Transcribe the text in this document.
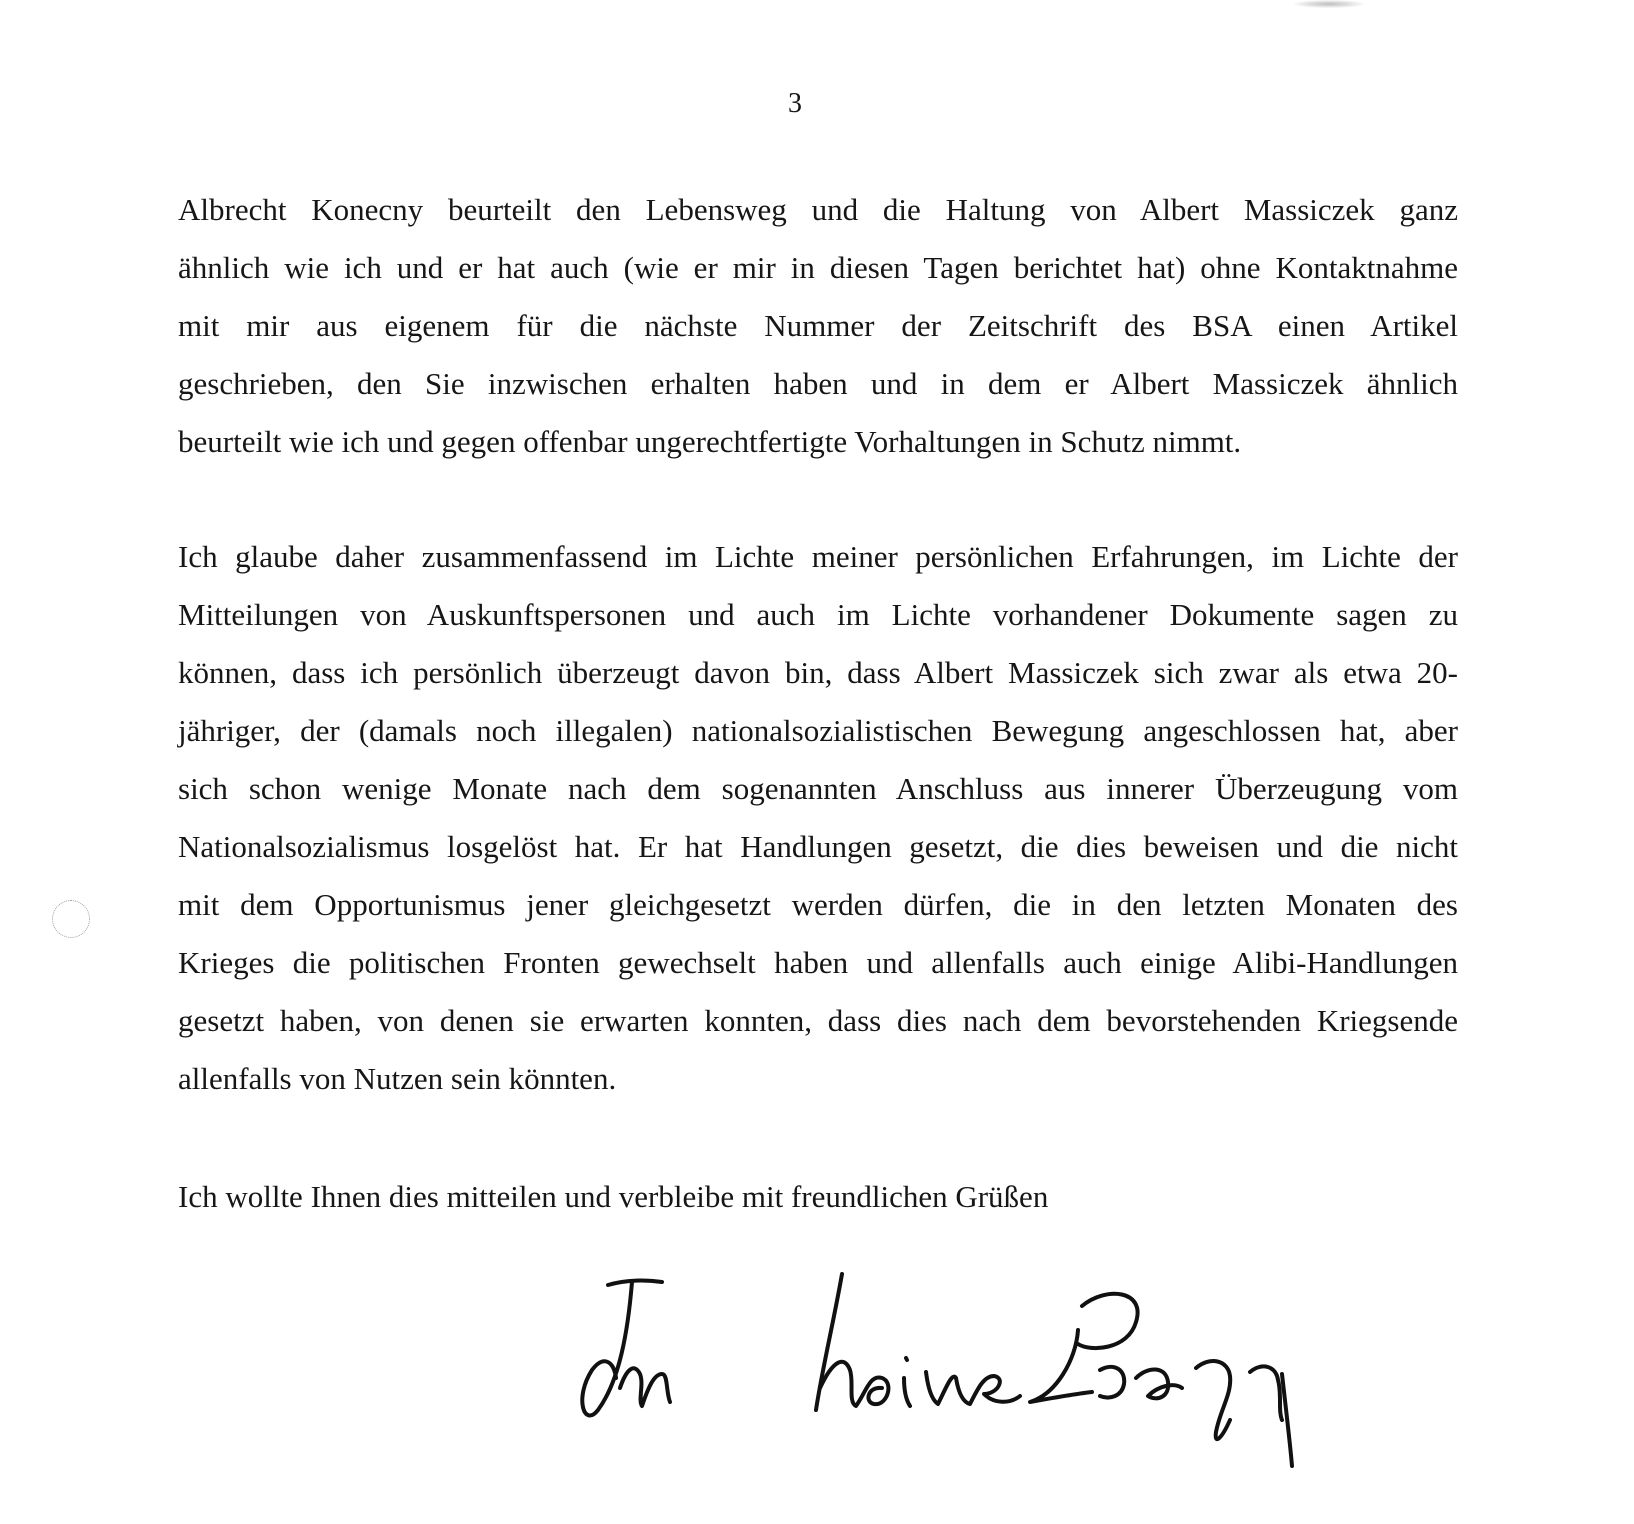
3
Albrecht Konecny beurteilt den Lebensweg und die Haltung von Albert Massiczek ganz
ähnlich wie ich und er hat auch (wie er mir in diesen Tagen berichtet hat) ohne Kontaktnahme
mit mir aus eigenem für die nächste Nummer der Zeitschrift des BSA einen Artikel
geschrieben, den Sie inzwischen erhalten haben und in dem er Albert Massiczek ähnlich
beurteilt wie ich und gegen offenbar ungerechtfertigte Vorhaltungen in Schutz nimmt.
Ich glaube daher zusammenfassend im Lichte meiner persönlichen Erfahrungen, im Lichte der
Mitteilungen von Auskunftspersonen und auch im Lichte vorhandener Dokumente sagen zu
können, dass ich persönlich überzeugt davon bin, dass Albert Massiczek sich zwar als etwa 20-
jähriger, der (damals noch illegalen) nationalsozialistischen Bewegung angeschlossen hat, aber
sich schon wenige Monate nach dem sogenannten Anschluss aus innerer Überzeugung vom
Nationalsozialismus losgelöst hat. Er hat Handlungen gesetzt, die dies beweisen und die nicht
mit dem Opportunismus jener gleichgesetzt werden dürfen, die in den letzten Monaten des
Krieges die politischen Fronten gewechselt haben und allenfalls auch einige Alibi-Handlungen
gesetzt haben, von denen sie erwarten konnten, dass dies nach dem bevorstehenden Kriegsende
allenfalls von Nutzen sein könnten.
Ich wollte Ihnen dies mitteilen und verbleibe mit freundlichen Grüßen
